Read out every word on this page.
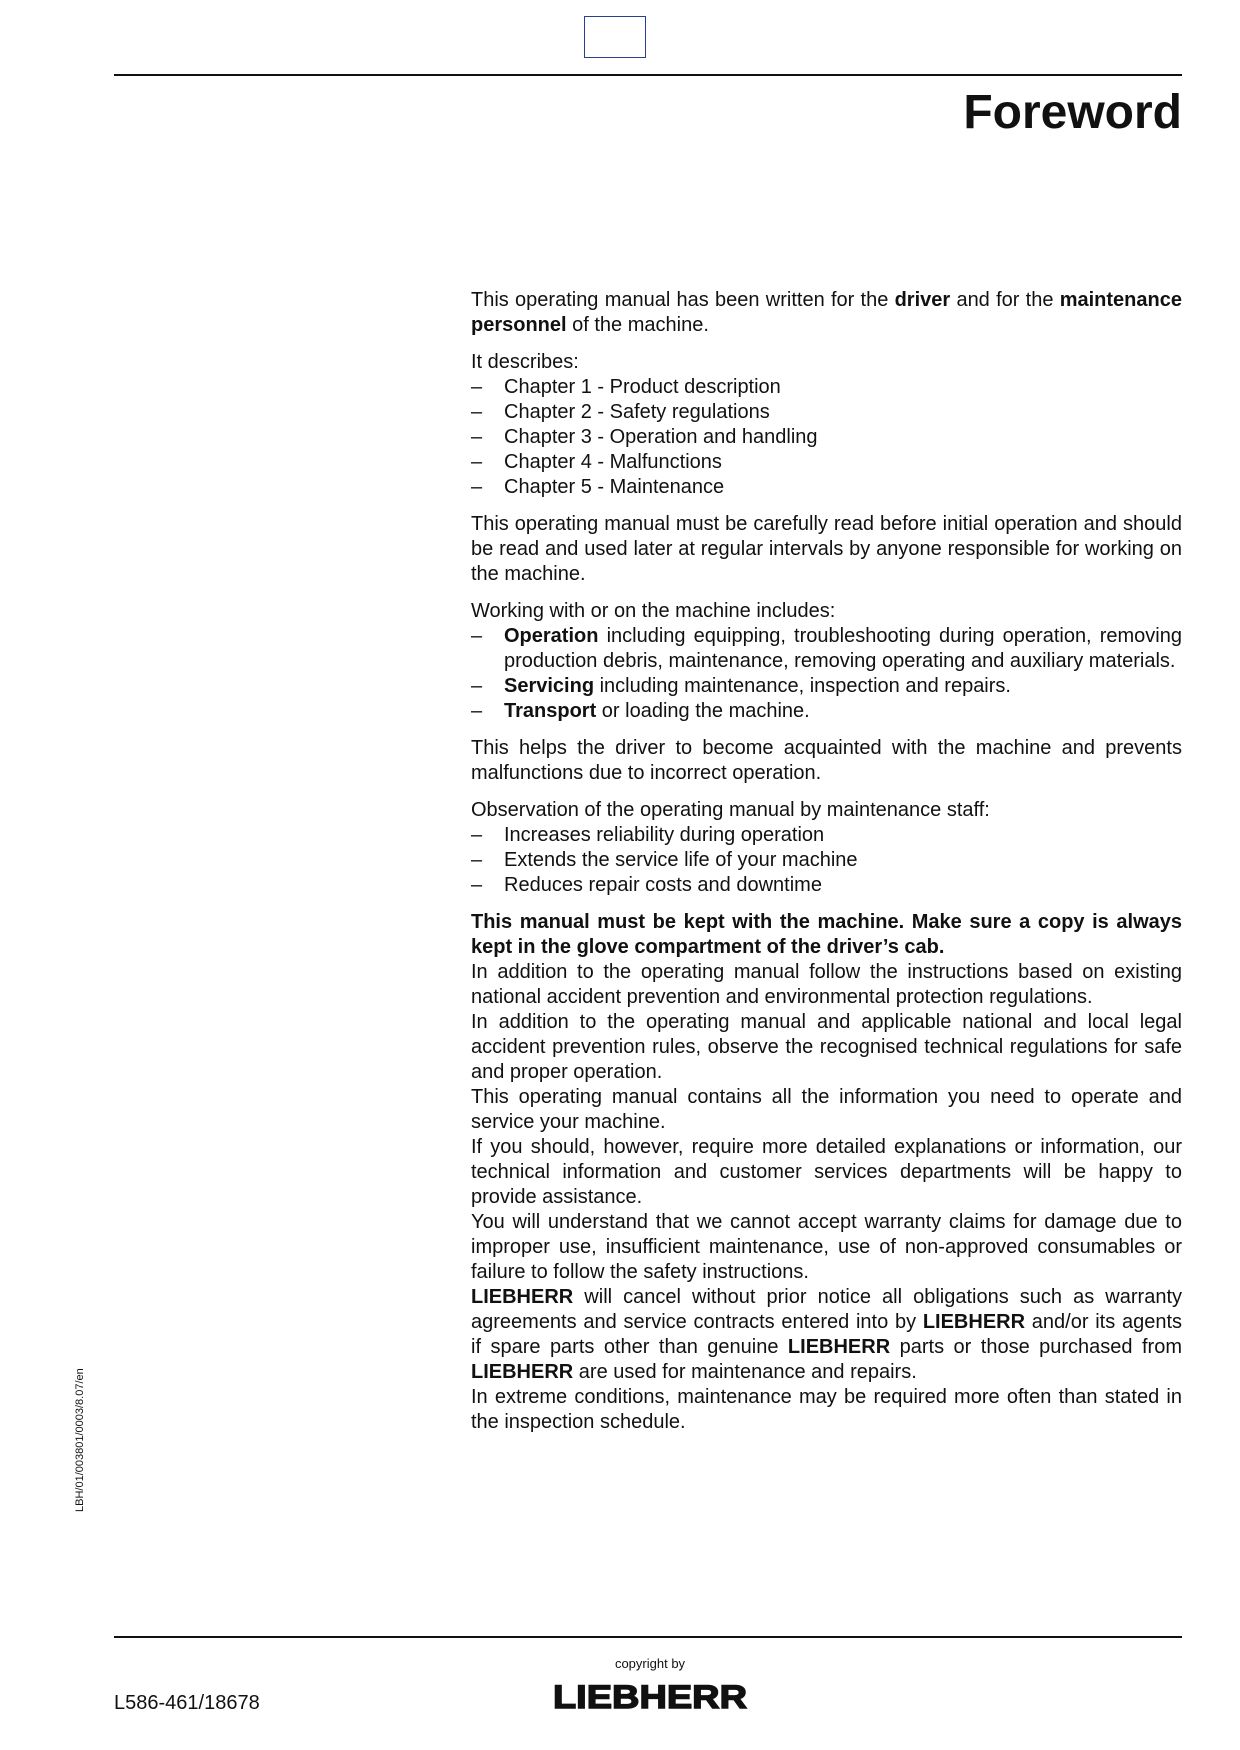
Foreword

This operating manual has been written for the driver and for the maintenance personnel of the machine.

It describes:

– Chapter 1 - Product description
– Chapter 2 - Safety regulations
– Chapter 3 - Operation and handling
– Chapter 4 - Malfunctions
– Chapter 5 - Maintenance

This operating manual must be carefully read before initial operation and should be read and used later at regular intervals by anyone responsible for working on the machine.

Working with or on the machine includes:

– Operation including equipping, troubleshooting during operation, removing production debris, maintenance, removing operating and auxiliary materials.
– Servicing including maintenance, inspection and repairs.
– Transport or loading the machine.

This helps the driver to become acquainted with the machine and prevents malfunctions due to incorrect operation.

Observation of the operating manual by maintenance staff:

– Increases reliability during operation
– Extends the service life of your machine
– Reduces repair costs and downtime

This manual must be kept with the machine. Make sure a copy is always kept in the glove compartment of the driver’s cab.

In addition to the operating manual follow the instructions based on existing national accident prevention and environmental protection regulations.

In addition to the operating manual and applicable national and local legal accident prevention rules, observe the recognised technical regulations for safe and proper operation.

This operating manual contains all the information you need to operate and service your machine.

If you should, however, require more detailed explanations or information, our technical information and customer services departments will be happy to provide assistance.

You will understand that we cannot accept warranty claims for damage due to improper use, insufficient maintenance, use of non-approved consumables or failure to follow the safety instructions.

LIEBHERR will cancel without prior notice all obligations such as warranty agreements and service contracts entered into by LIEBHERR and/or its agents if spare parts other than genuine LIEBHERR parts or those purchased from LIEBHERR are used for maintenance and repairs.

In extreme conditions, maintenance may be required more often than stated in the inspection schedule.

LBH/01/003801/0003/8.07/en
copyright by
LIEBHERR
L586-461/18678
